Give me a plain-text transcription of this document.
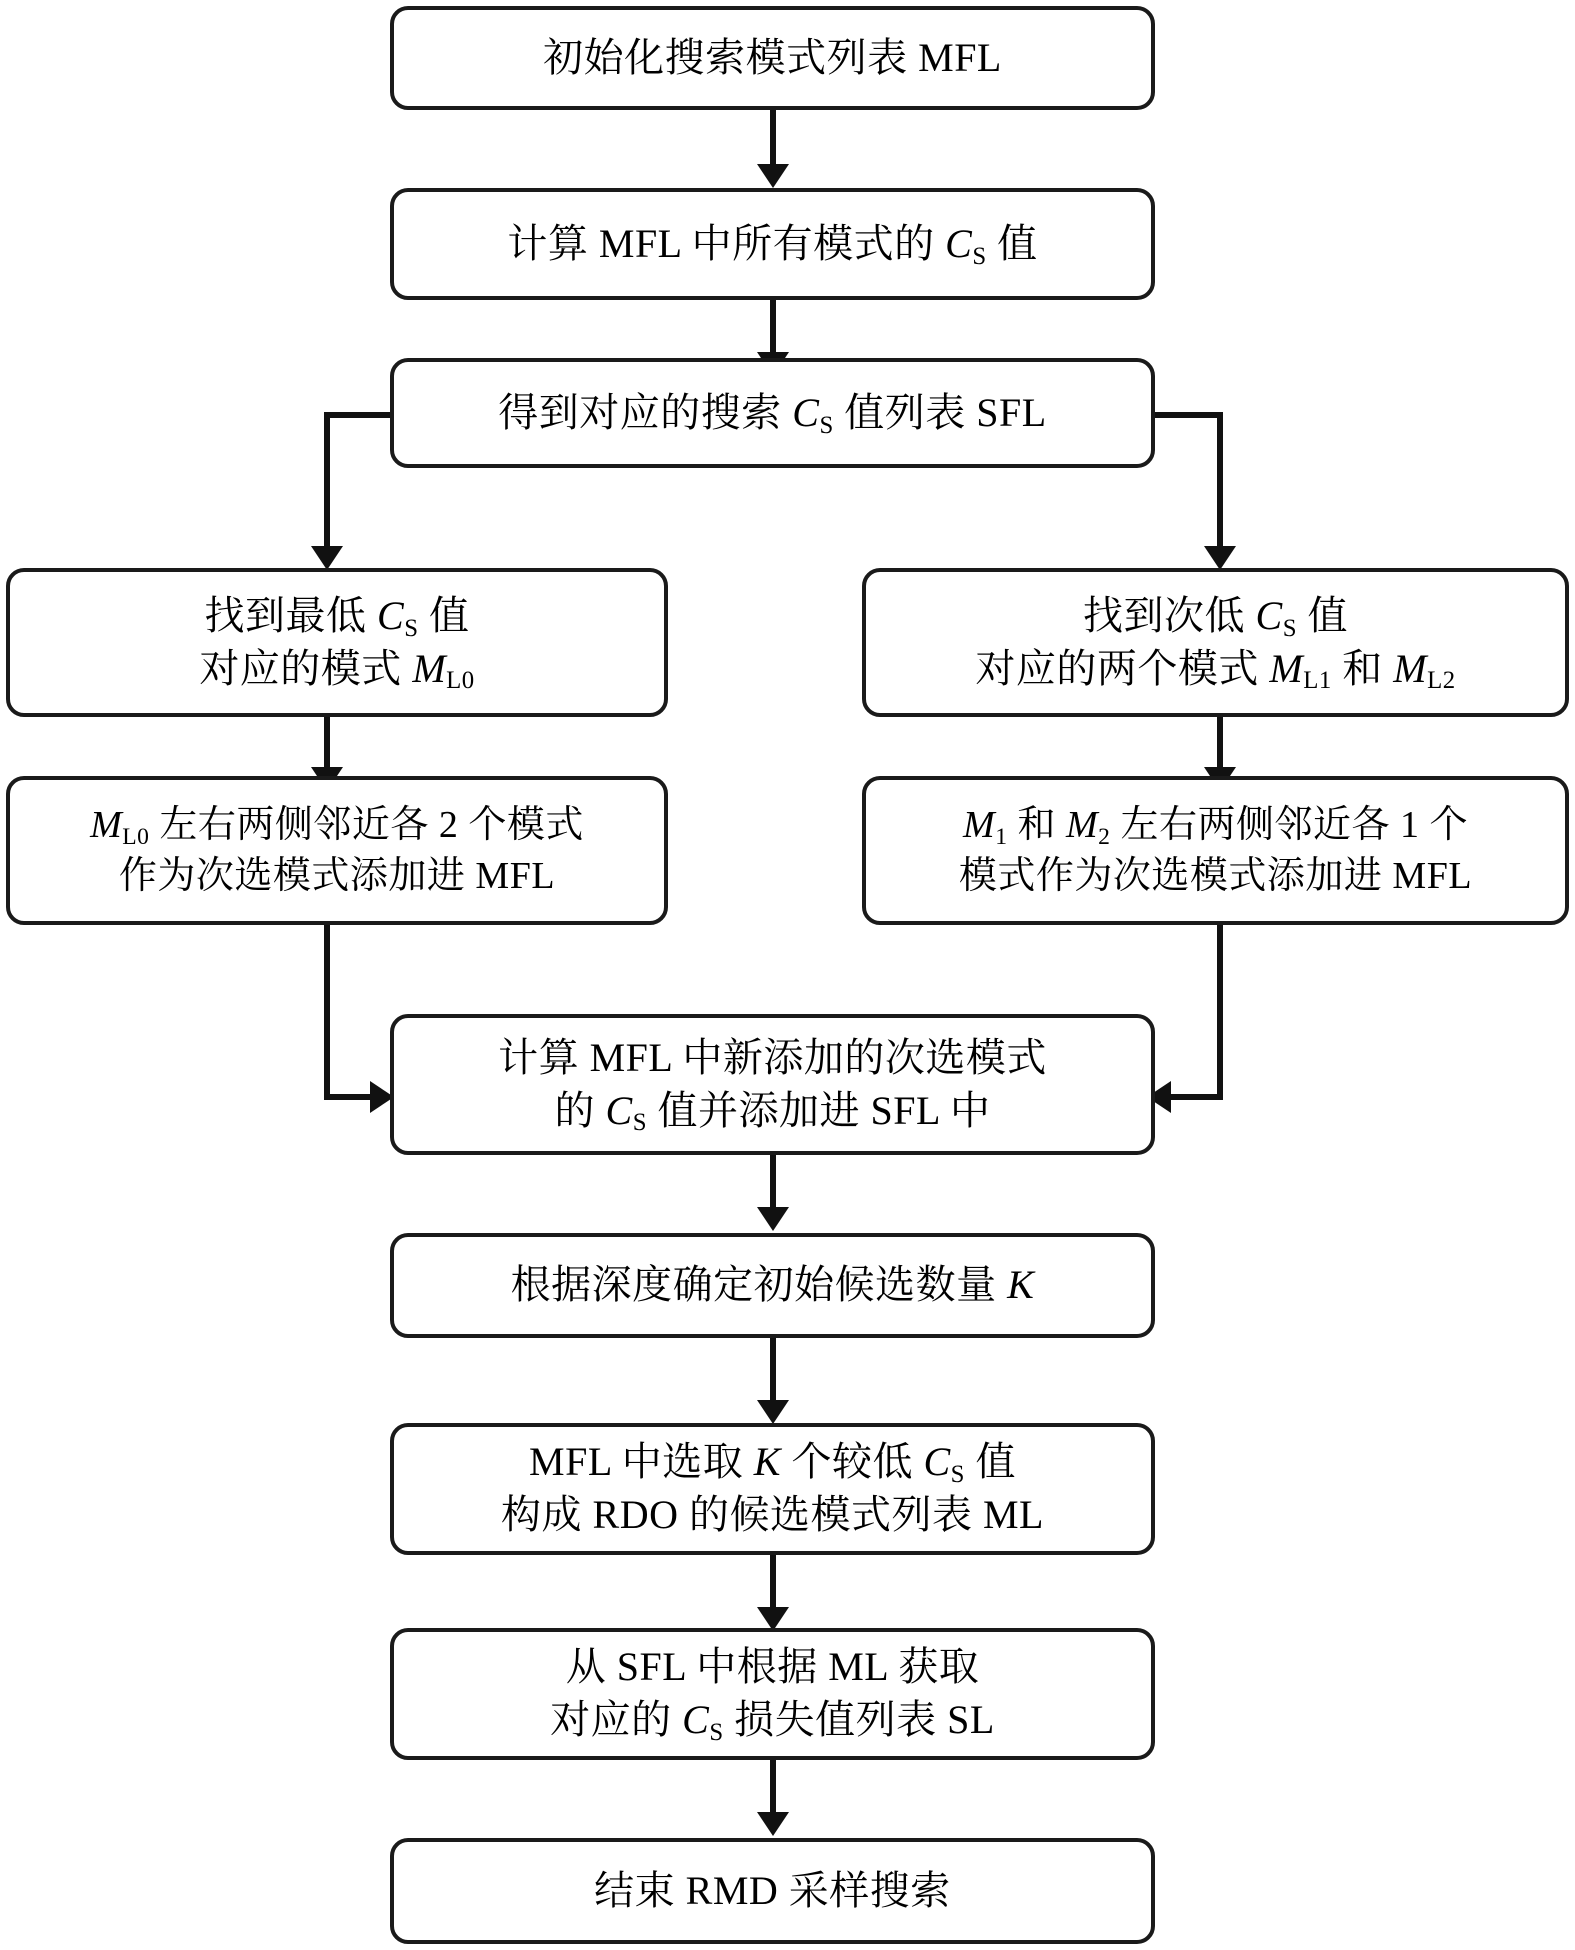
初始化搜索模式列表 MFL
计算 MFL 中所有模式的 $C_S$ 值
得到对应的搜索 $C_S$ 值列表 SFL
找到最低 $C_S$ 值
对应的模式 $M_{L0}$
找到次低 $C_S$ 值
对应的两个模式 $M_{L1}$ 和 $M_{L2}$
$M_{L0}$ 左右两侧邻近各 2 个模式
作为次选模式添加进 MFL
$M_1$ 和 $M_2$ 左右两侧邻近各 1 个
模式作为次选模式添加进 MFL
计算 MFL 中新添加的次选模式
的 $C_S$ 值并添加进 SFL 中
根据深度确定初始候选数量 K
MFL 中选取 K 个较低 $C_S$ 值
构成 RDO 的候选模式列表 ML
从 SFL 中根据 ML 获取
对应的 $C_S$ 损失值列表 SL
结束 RMD 采样搜索
